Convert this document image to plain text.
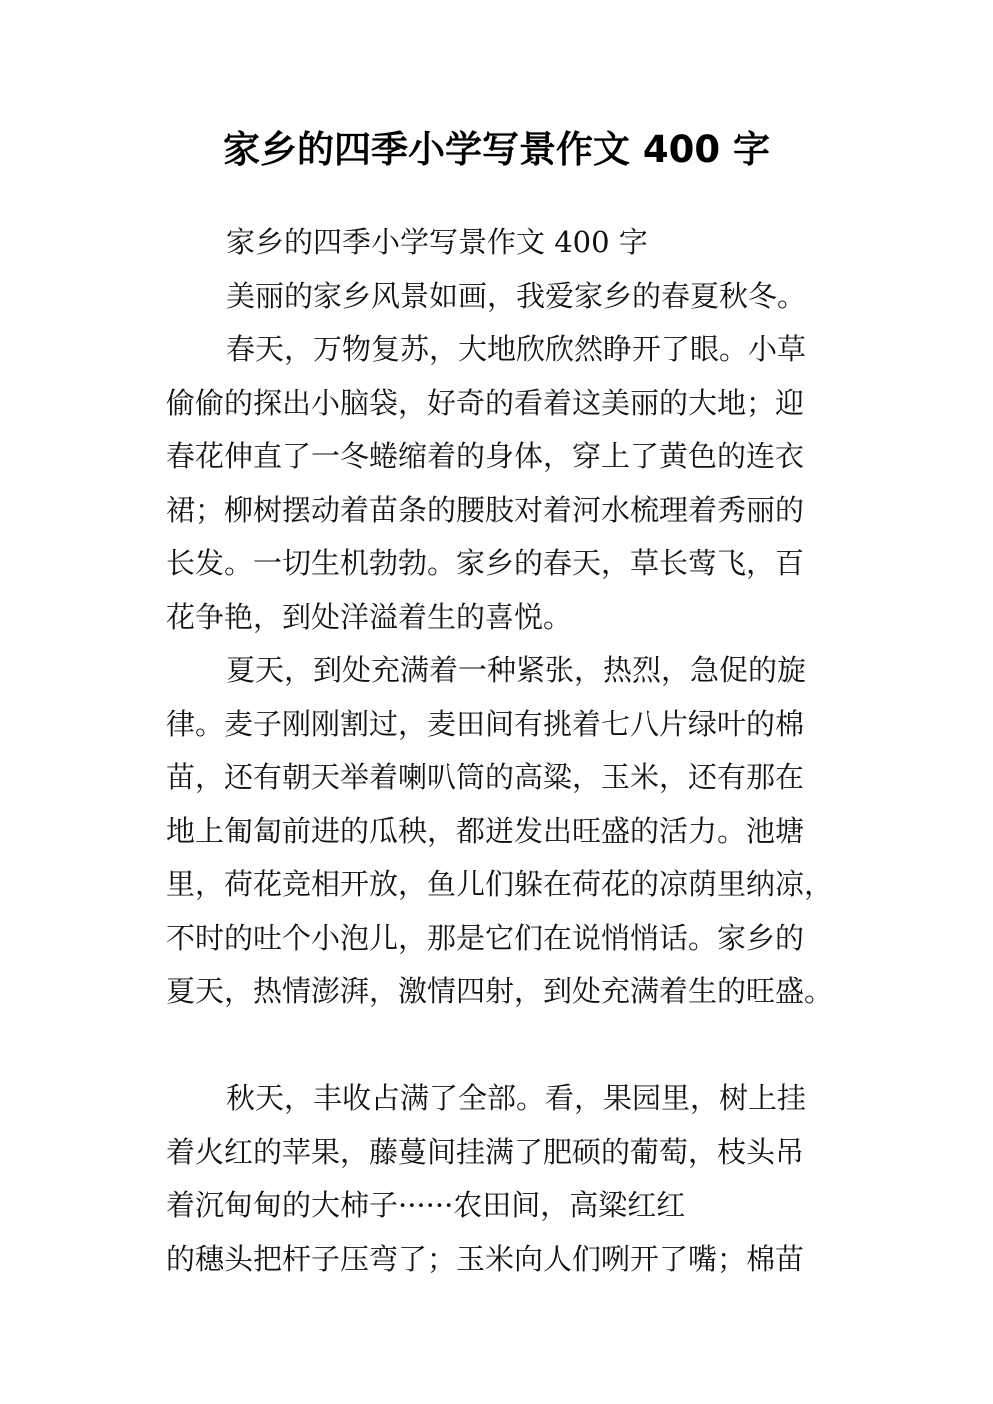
家乡的四季小学写景作文 400 字
家乡的四季小学写景作文 400 字
美丽的家乡风景如画，我爱家乡的春夏秋冬。
春天，万物复苏，大地欣欣然睁开了眼。小草
偷偷的探出小脑袋，好奇的看着这美丽的大地；迎
春花伸直了一冬蜷缩着的身体，穿上了黄色的连衣
裙；柳树摆动着苗条的腰肢对着河水梳理着秀丽的
长发。一切生机勃勃。家乡的春天，草长莺飞，百
花争艳，到处洋溢着生的喜悦。
夏天，到处充满着一种紧张，热烈，急促的旋
律。麦子刚刚割过，麦田间有挑着七八片绿叶的棉
苗，还有朝天举着喇叭筒的高粱，玉米，还有那在
地上匍匐前进的瓜秧，都迸发出旺盛的活力。池塘
里，荷花竞相开放，鱼儿们躲在荷花的凉荫里纳凉，
不时的吐个小泡儿，那是它们在说悄悄话。家乡的
夏天，热情澎湃，激情四射，到处充满着生的旺盛。
秋天，丰收占满了全部。看，果园里，树上挂
着火红的苹果，藤蔓间挂满了肥硕的葡萄，枝头吊
着沉甸甸的大柿子······农田间，高粱红红
的穗头把杆子压弯了；玉米向人们咧开了嘴；棉苗
